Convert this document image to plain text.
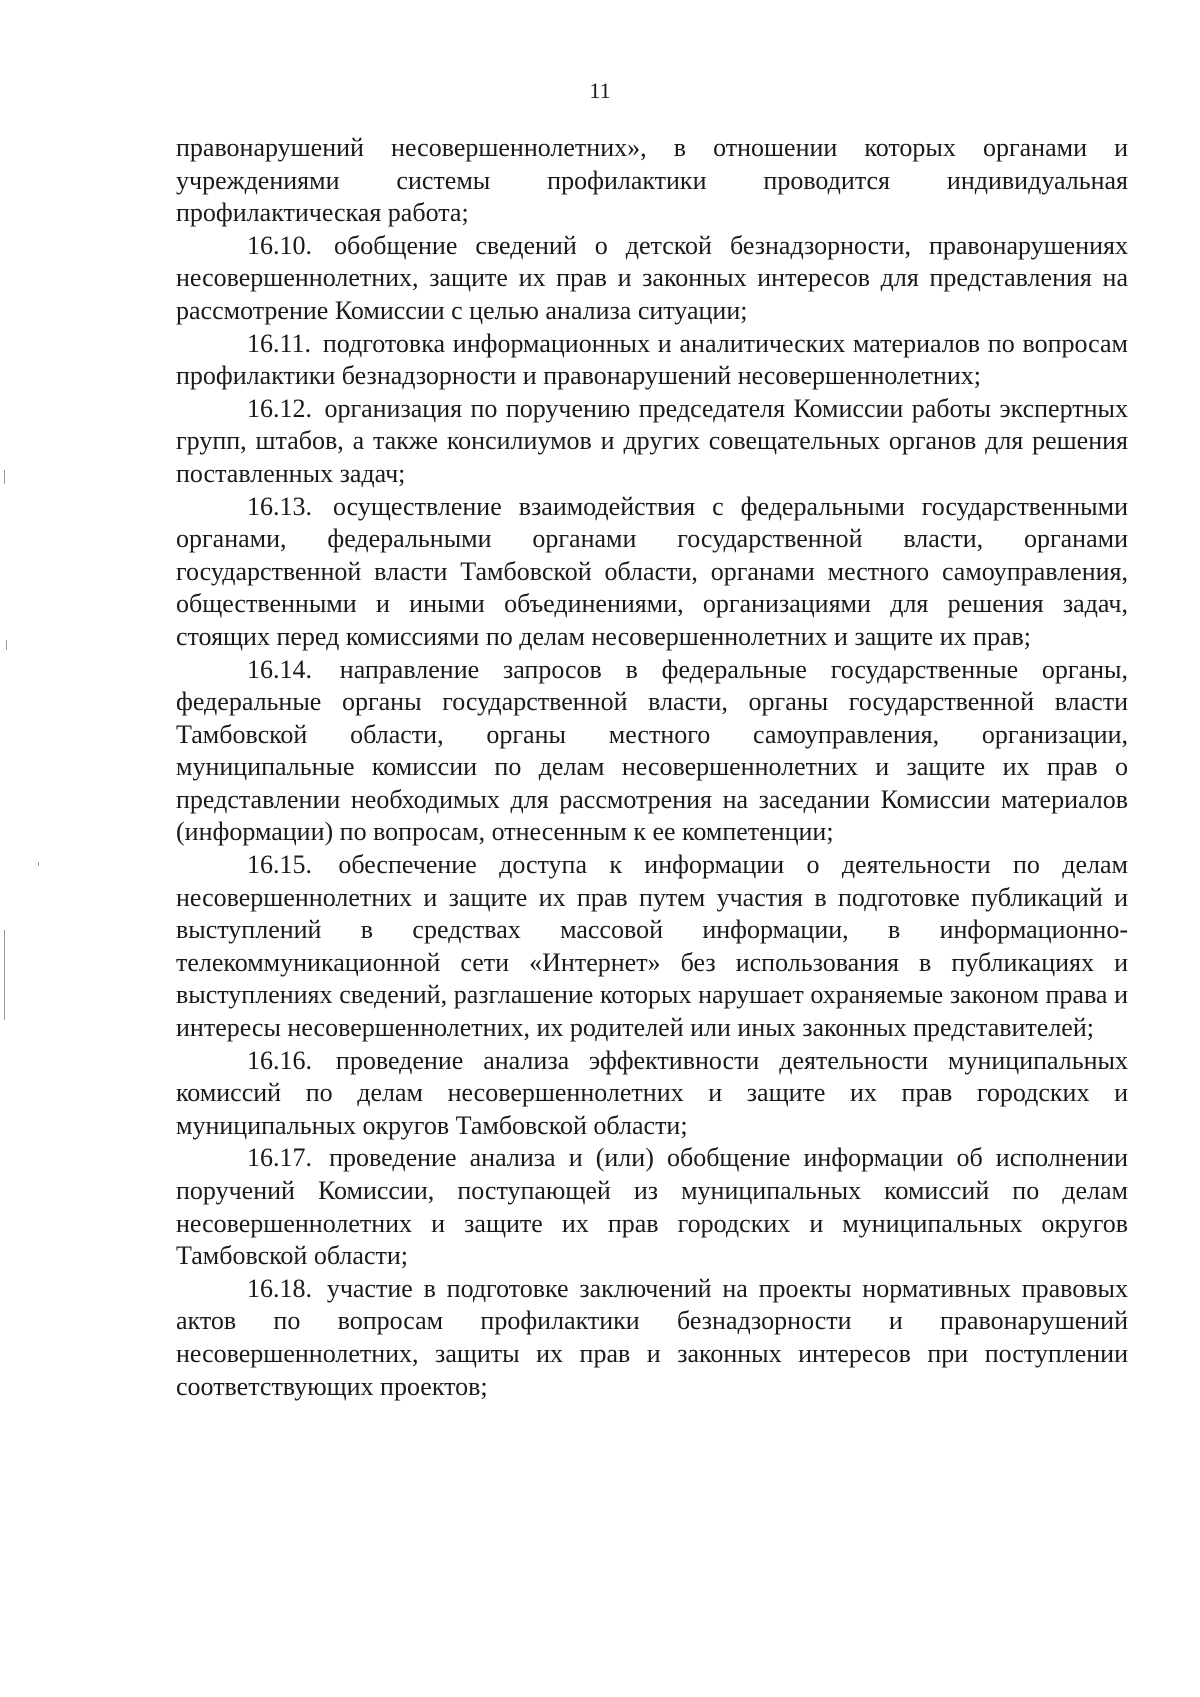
11

правонарушений несовершеннолетних», в отношении которых органами и учреждениями системы профилактики проводится индивидуальная профилактическая работа;

16.10. обобщение сведений о детской безнадзорности, правонарушениях несовершеннолетних, защите их прав и законных интересов для представления на рассмотрение Комиссии с целью анализа ситуации;

16.11. подготовка информационных и аналитических материалов по вопросам профилактики безнадзорности и правонарушений несовершеннолетних;

16.12. организация по поручению председателя Комиссии работы экспертных групп, штабов, а также консилиумов и других совещательных органов для решения поставленных задач;

16.13. осуществление взаимодействия с федеральными государственными органами, федеральными органами государственной власти, органами государственной власти Тамбовской области, органами местного самоуправления, общественными и иными объединениями, организациями для решения задач, стоящих перед комиссиями по делам несовершеннолетних и защите их прав;

16.14. направление запросов в федеральные государственные органы, федеральные органы государственной власти, органы государственной власти Тамбовской области, органы местного самоуправления, организации, муниципальные комиссии по делам несовершеннолетних и защите их прав о представлении необходимых для рассмотрения на заседании Комиссии материалов (информации) по вопросам, отнесенным к ее компетенции;

16.15. обеспечение доступа к информации о деятельности по делам несовершеннолетних и защите их прав путем участия в подготовке публикаций и выступлений в средствах массовой информации, в информационно-телекоммуникационной сети «Интернет» без использования в публикациях и выступлениях сведений, разглашение которых нарушает охраняемые законом права и интересы несовершеннолетних, их родителей или иных законных представителей;

16.16. проведение анализа эффективности деятельности муниципальных комиссий по делам несовершеннолетних и защите их прав городских и муниципальных округов Тамбовской области;

16.17. проведение анализа и (или) обобщение информации об исполнении поручений Комиссии, поступающей из муниципальных комиссий по делам несовершеннолетних и защите их прав городских и муниципальных округов Тамбовской области;

16.18. участие в подготовке заключений на проекты нормативных правовых актов по вопросам профилактики безнадзорности и правонарушений несовершеннолетних, защиты их прав и законных интересов при поступлении соответствующих проектов;
